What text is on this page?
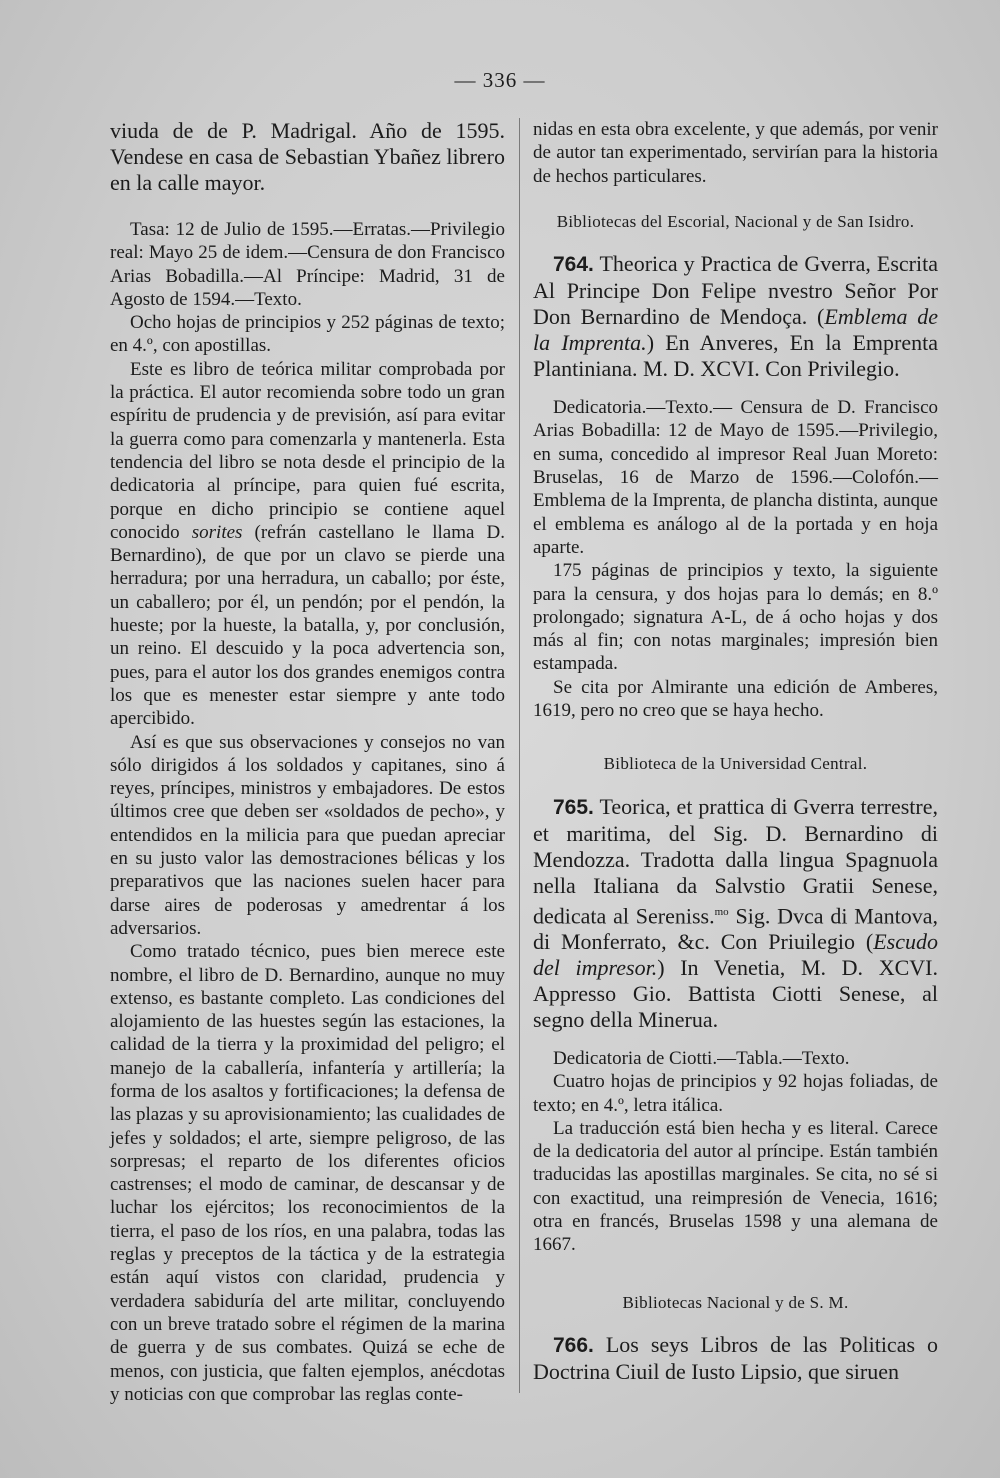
— 336 —

viuda de de P. Madrigal. Año de 1595. Vendese en casa de Sebastian Ybañez librero en la calle mayor.

Tasa: 12 de Julio de 1595.—Erratas.—Privilegio real: Mayo 25 de idem.—Censura de don Francisco Arias Bobadilla.—Al Príncipe: Madrid, 31 de Agosto de 1594.—Texto.

Ocho hojas de principios y 252 páginas de texto; en 4.º, con apostillas.

Este es libro de teórica militar comprobada por la práctica. El autor recomienda sobre todo un gran espíritu de prudencia y de previsión, así para evitar la guerra como para comenzarla y mantenerla. Esta tendencia del libro se nota desde el principio de la dedicatoria al príncipe, para quien fué escrita, porque en dicho principio se contiene aquel conocido sorites (refrán castellano le llama D. Bernardino), de que por un clavo se pierde una herradura; por una herradura, un caballo; por éste, un caballero; por él, un pendón; por el pendón, la hueste; por la hueste, la batalla, y, por conclusión, un reino. El descuido y la poca advertencia son, pues, para el autor los dos grandes enemigos contra los que es menester estar siempre y ante todo apercibido.

Así es que sus observaciones y consejos no van sólo dirigidos á los soldados y capitanes, sino á reyes, príncipes, ministros y embajadores. De estos últimos cree que deben ser «soldados de pecho», y entendidos en la milicia para que puedan apreciar en su justo valor las demostraciones bélicas y los preparativos que las naciones suelen hacer para darse aires de poderosas y amedrentar á los adversarios.

Como tratado técnico, pues bien merece este nombre, el libro de D. Bernardino, aunque no muy extenso, es bastante completo. Las condiciones del alojamiento de las huestes según las estaciones, la calidad de la tierra y la proximidad del peligro; el manejo de la caballería, infantería y artillería; la forma de los asaltos y fortificaciones; la defensa de las plazas y su aprovisionamiento; las cualidades de jefes y soldados; el arte, siempre peligroso, de las sorpresas; el reparto de los diferentes oficios castrenses; el modo de caminar, de descansar y de luchar los ejércitos; los reconocimientos de la tierra, el paso de los ríos, en una palabra, todas las reglas y preceptos de la táctica y de la estrategia están aquí vistos con claridad, prudencia y verdadera sabiduría del arte militar, concluyendo con un breve tratado sobre el régimen de la marina de guerra y de sus combates. Quizá se eche de menos, con justicia, que falten ejemplos, anécdotas y noticias con que comprobar las reglas conte-

nidas en esta obra excelente, y que además, por venir de autor tan experimentado, servirían para la historia de hechos particulares.

Bibliotecas del Escorial, Nacional y de San Isidro.

764. Theorica y Practica de Gverra, Escrita Al Principe Don Felipe nvestro Señor Por Don Bernardino de Mendoça. (Emblema de la Imprenta.) En Anveres, En la Emprenta Plantiniana. M. D. XCVI. Con Privilegio.

Dedicatoria.—Texto.— Censura de D. Francisco Arias Bobadilla: 12 de Mayo de 1595.—Privilegio, en suma, concedido al impresor Real Juan Moreto: Bruselas, 16 de Marzo de 1596.—Colofón.—Emblema de la Imprenta, de plancha distinta, aunque el emblema es análogo al de la portada y en hoja aparte.

175 páginas de principios y texto, la siguiente para la censura, y dos hojas para lo demás; en 8.º prolongado; signatura A-L, de á ocho hojas y dos más al fin; con notas marginales; impresión bien estampada.

Se cita por Almirante una edición de Amberes, 1619, pero no creo que se haya hecho.

Biblioteca de la Universidad Central.

765. Teorica, et prattica di Gverra terrestre, et maritima, del Sig. D. Bernardino di Mendozza. Tradotta dalla lingua Spagnuola nella Italiana da Salvstio Gratii Senese, dedicata al Sereniss.$^{mo}$ Sig. Dvca di Mantova, di Monferrato, &c. Con Priuilegio (Escudo del impresor.) In Venetia, M. D. XCVI. Appresso Gio. Battista Ciotti Senese, al segno della Minerua.

Dedicatoria de Ciotti.—Tabla.—Texto.

Cuatro hojas de principios y 92 hojas foliadas, de texto; en 4.º, letra itálica.

La traducción está bien hecha y es literal. Carece de la dedicatoria del autor al príncipe. Están también traducidas las apostillas marginales. Se cita, no sé si con exactitud, una reimpresión de Venecia, 1616; otra en francés, Bruselas 1598 y una alemana de 1667.

Bibliotecas Nacional y de S. M.

766. Los seys Libros de las Politicas o Doctrina Ciuil de Iusto Lipsio, que siruen
